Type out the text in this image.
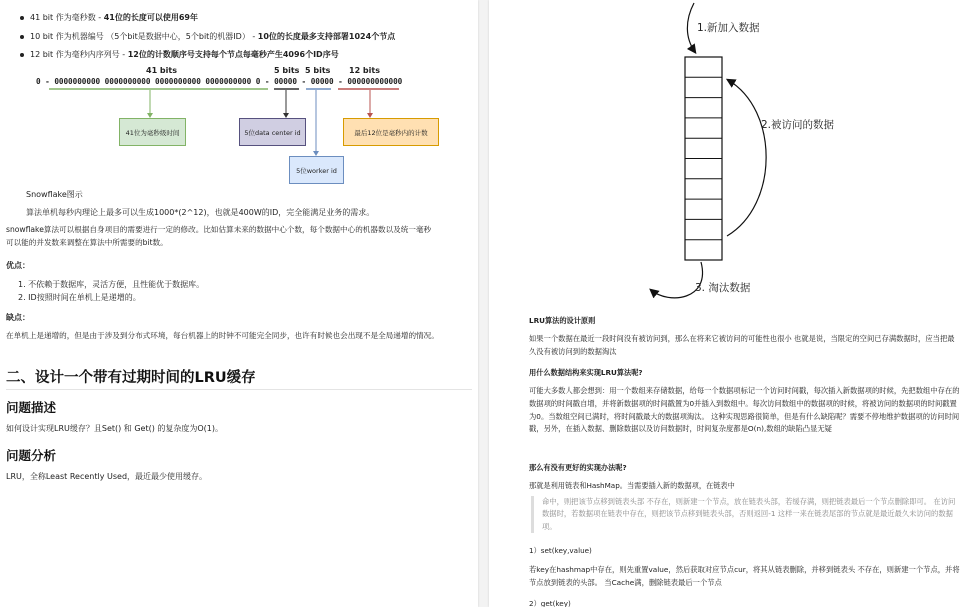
41 bit 作为毫秒数 - 41位的长度可以使用69年
10 bit 作为机器编号 （5个bit是数据中心，5个bit的机器ID） - 10位的长度最多支持部署1024个节点
12 bit 作为毫秒内序列号 - 12位的计数顺序号支持每个节点每毫秒产生4096个ID序号
41 bits	5 bits 5 bits 12 bits
0 - 0000000000 0000000000 0000000000 0000000000 0 - 00000 - 00000 - 000000000000
41位为毫秒级时间	5位data center id	最后12位是毫秒内的计数
5位worker id
Snowflake图示
算法单机每秒内理论上最多可以生成1000*(2^12)，也就是400W的ID，完全能满足业务的需求。
snowflake算法可以根据自身项目的需要进行一定的修改。比如估算未来的数据中心个数，每个数据中心的机器数以及统一毫秒可以能的并发数来调整在算法中所需要的bit数。
优点：
1. 不依赖于数据库，灵活方便，且性能优于数据库。
2. ID按照时间在单机上是递增的。
缺点：
在单机上是递增的，但是由于涉及到分布式环境，每台机器上的时钟不可能完全同步，也许有时候也会出现不是全局递增的情况。
二、设计一个带有过期时间的LRU缓存
问题描述
如何设计实现LRU缓存？且Set() 和 Get() 的复杂度为O(1)。
问题分析
LRU，全称Least Recently Used，最近最少使用缓存。
1.新加入数据
2.被访问的数据
3. 淘汰数据
LRU算法的设计原则
如果一个数据在最近一段时间没有被访问到，那么在将来它被访问的可能性也很小 也就是说，当限定的空间已存满数据时，应当把最久没有被访问到的数据淘汰
用什么数据结构来实现LRU算法呢?
可能大多数人都会想到：用一个数组来存储数据，给每一个数据项标记一个访问时间戳，每次插入新数据项的时候，先把数组中存在的数据项的时间戳自增，并将新数据项的时间戳置为0并插入到数组中。每次访问数组中的数据项的时候，将被访问的数据项的时间戳置为0。当数组空间已满时，将时间戳最大的数据项淘汰。 这种实现思路很简单，但是有什么缺陷呢？需要不停地维护数据项的访问时间戳，另外，在插入数据、删除数据以及访问数据时，时间复杂度都是O(n),数组的缺陷凸显无疑
那么有没有更好的实现办法呢?
那就是利用链表和HashMap。当需要插入新的数据项，在链表中
命中，则把该节点移到链表头部 不存在，则新建一个节点，放在链表头部，若缓存满，则把链表最后一个节点删除即可。 在访问数据时，若数据项在链表中存在，则把该节点移到链表头部，否则返回-1 这样一来在链表尾部的节点就是最近最久未访问的数据项。
1）set(key,value)
若key在hashmap中存在，则先重置value，然后获取对应节点cur，将其从链表删除，并移到链表头 不存在，则新建一个节点，并将节点放到链表的头部。 当Cache满，删除链表最后一个节点
2）get(key)
